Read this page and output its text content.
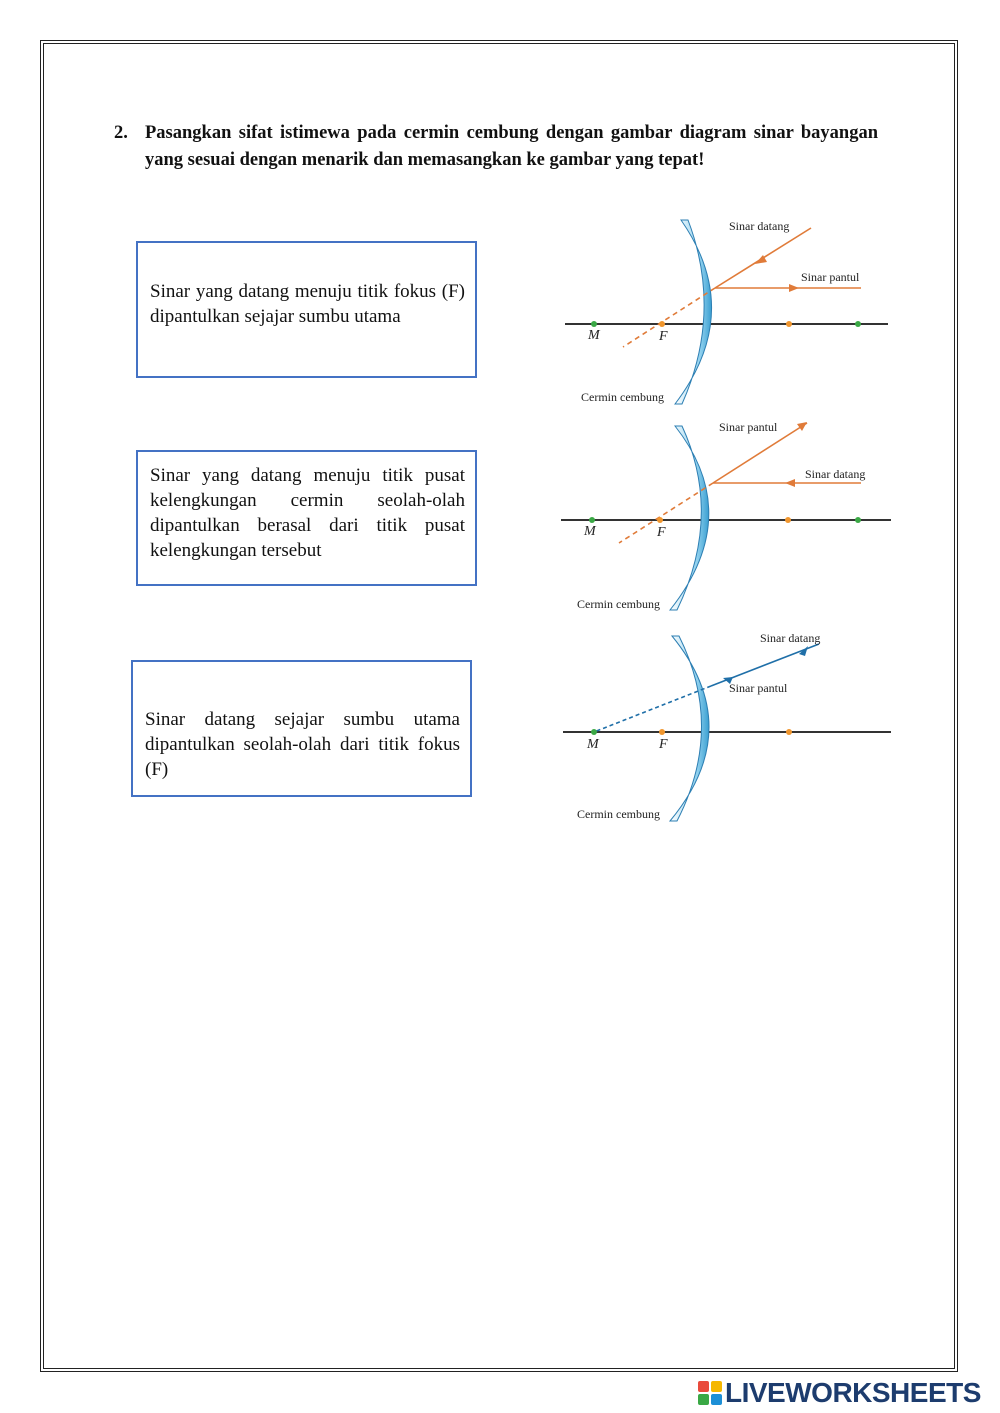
2. Pasangkan sifat istimewa pada cermin cembung dengan gambar diagram sinar bayangan yang sesuai dengan menarik dan memasangkan ke gambar yang tepat!
Sinar yang datang menuju titik fokus (F) dipantulkan sejajar sumbu utama
Sinar yang datang menuju titik pusat kelengkungan cermin seolah-olah dipantulkan berasal dari titik pusat kelengkungan tersebut
Sinar datang sejajar sumbu utama dipantulkan seolah-olah dari titik fokus (F)
Sinar datang
Sinar pantul
M	F
Cermin cembung
Sinar pantul
Sinar datang
M	F
Cermin cembung
Sinar datang
Sinar pantul
M	F
Cermin cembung
LIVEWORKSHEETS
